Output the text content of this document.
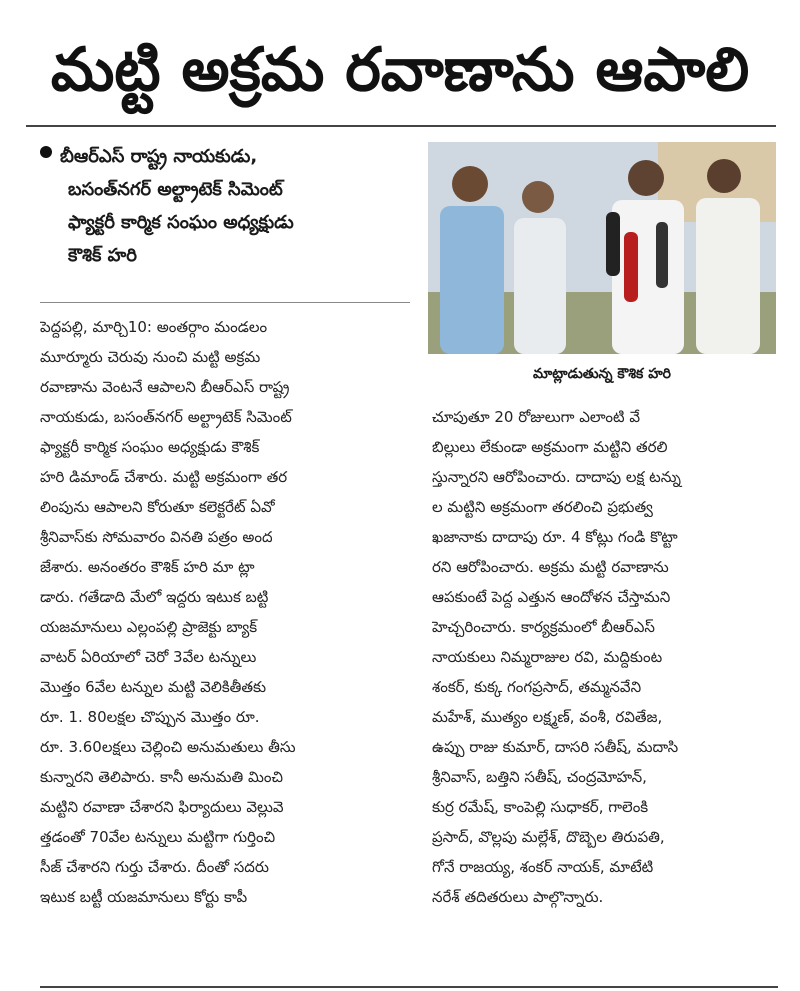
మట్టి అక్రమ రవాణాను ఆపాలి
బీఆర్ఎస్ రాష్ట్ర నాయకుడు,
బసంత్‌నగర్ అల్ట్రాటెక్ సిమెంట్
ఫ్యాక్టరీ కార్మిక సంఘం అధ్యక్షుడు
కౌశిక్ హరి
మాట్లాడుతున్న కౌశిక హరి

పెద్దపల్లి, మార్చి10: అంతర్గాం మండలం

మూర్మూరు చెరువు నుంచి మట్టి అక్రమ

రవాణాను వెంటనే ఆపాలని బీఆర్ఎస్ రాష్ట్ర

నాయకుడు, బసంత్‌నగర్ అల్ట్రాటెక్ సిమెంట్

ఫ్యాక్టరీ కార్మిక సంఘం అధ్యక్షుడు కౌశిక్

హరి డిమాండ్ చేశారు. మట్టి అక్రమంగా తర

లింపును ఆపాలని కోరుతూ కలెక్టరేట్ ఏవో

శ్రీనివాస్‌కు సోమవారం వినతి పత్రం అంద

జేశారు. అనంతరం కౌశిక్ హరి మా ట్లా

డారు. గతేడాది మేలో ఇద్దరు ఇటుక బట్టి

యజమానులు ఎల్లంపల్లి ప్రాజెక్టు బ్యాక్

వాటర్ ఏరియాలో చెరో 3వేల టన్నులు

మొత్తం 6వేల టన్నుల మట్టి వెలికితీతకు

రూ. 1. 80లక్షల చొప్పున మొత్తం రూ.

రూ. 3.60లక్షలు చెల్లించి అనుమతులు తీసు

కున్నారని తెలిపారు. కానీ అనుమతి మించి

మట్టిని రవాణా చేశారని ఫిర్యాదులు వెల్లువె

త్తడంతో 70వేల టన్నులు మట్టిగా గుర్తించి

సీజ్ చేశారని గుర్తు చేశారు. దీంతో సదరు

ఇటుక బట్టీ యజమానులు కోర్టు కాపీ

చూపుతూ 20 రోజులుగా ఎలాంటి వే

బిల్లులు లేకుండా అక్రమంగా మట్టిని తరలి

స్తున్నారని ఆరోపించారు. దాదాపు లక్ష టన్ను

ల మట్టిని అక్రమంగా తరలించి ప్రభుత్వ

ఖజానాకు దాదాపు రూ. 4 కోట్లు గండి కొట్టా

రని ఆరోపించారు. అక్రమ మట్టి రవాణాను

ఆపకుంటే పెద్ద ఎత్తున ఆందోళన చేస్తామని

హెచ్చరించారు. కార్యక్రమంలో బీఆర్ఎస్

నాయకులు నిమ్మరాజుల రవి, మద్దికుంట

శంకర్, కుక్క గంగప్రసాద్, తమ్మనవేని

మహేశ్, ముత్యం లక్ష్మణ్, వంశీ, రవితేజ,

ఉప్పు రాజు కుమార్, దాసరి సతీష్, మదాసి

శ్రీనివాస్, బత్తిని సతీష్, చంద్రమోహన్,

కుర్ర రమేష్, కాంపెల్లి సుధాకర్, గాలెంకి

ప్రసాద్, వొల్లపు మల్లేశ్, దొబ్బెల తిరుపతి,

గోనే రాజయ్య, శంకర్ నాయక్, మాటేటి

నరేశ్ తదితరులు పాల్గొన్నారు.
